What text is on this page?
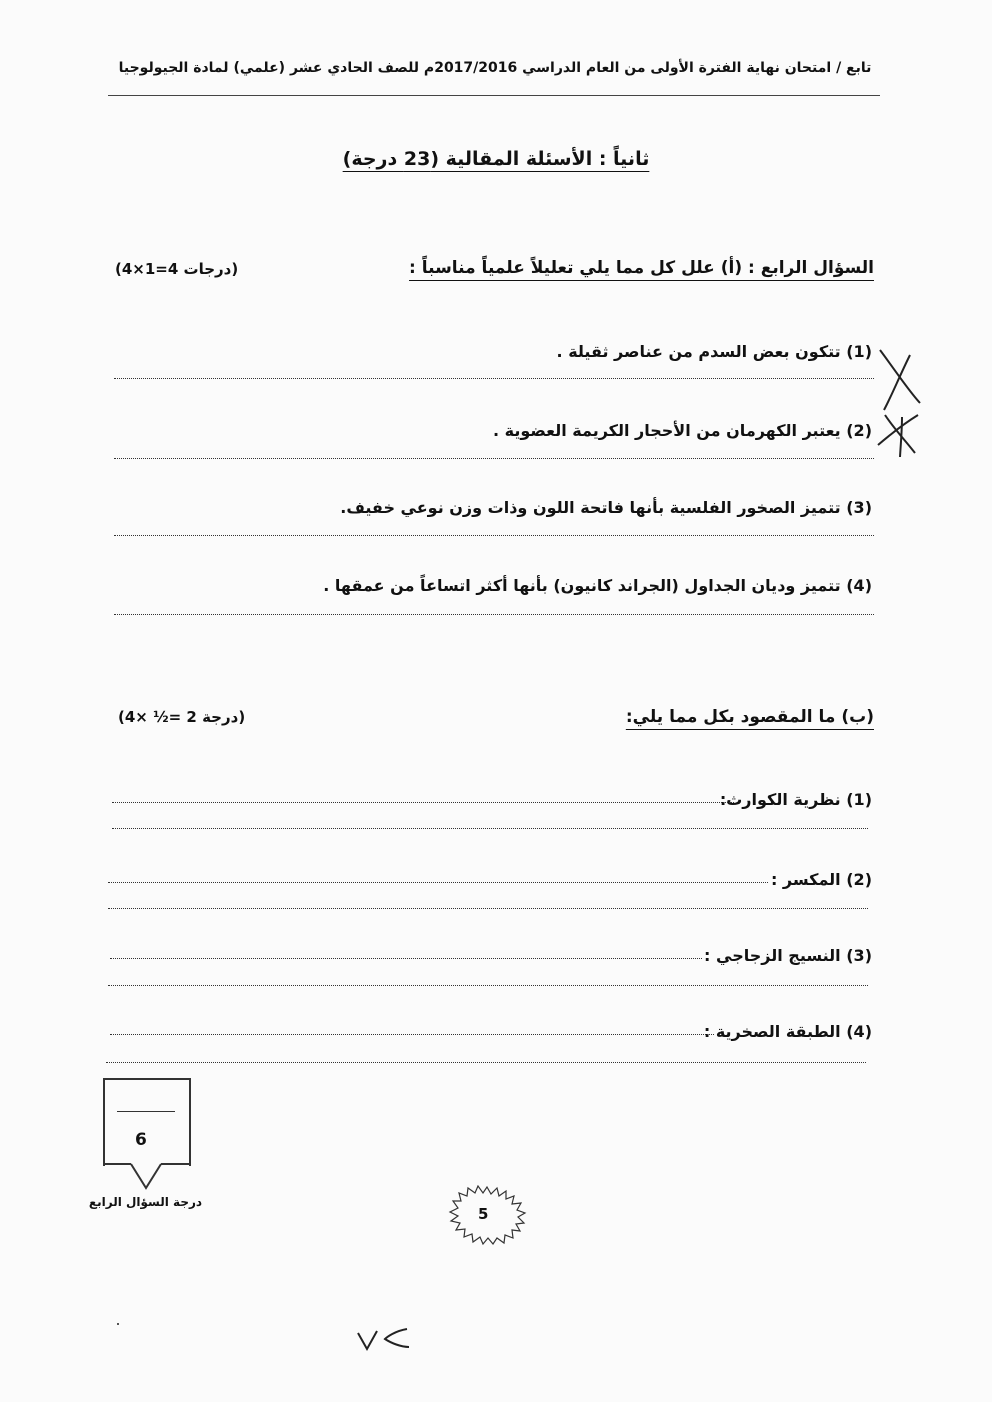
تابع / امتحان نهاية الفترة الأولى من العام الدراسي 2017/2016م للصف الحادي عشر (علمي) لمادة الجيولوجيا
ثانياً : الأسئلة المقالية (23 درجة)
السؤال الرابع : (أ) علل كل مما يلي تعليلاً علمياً مناسباً :
(4×1=4 درجات)
(1) تتكون بعض السدم من عناصر ثقيلة .
(2) يعتبر الكهرمان من الأحجار الكريمة العضوية .
(3) تتميز الصخور الفلسية بأنها فاتحة اللون وذات وزن نوعي خفيف.
(4) تتميز وديان الجداول (الجراند كانيون) بأنها أكثر اتساعاً من عمقها .
(ب) ما المقصود بكل مما يلي:
(4× ½= 2 درجة)
(1) نظرية الكوارث:
(2) المكسر :
(3) النسيج الزجاجي :
(4) الطبقة الصخرية :
6
درجة السؤال الرابع
5
